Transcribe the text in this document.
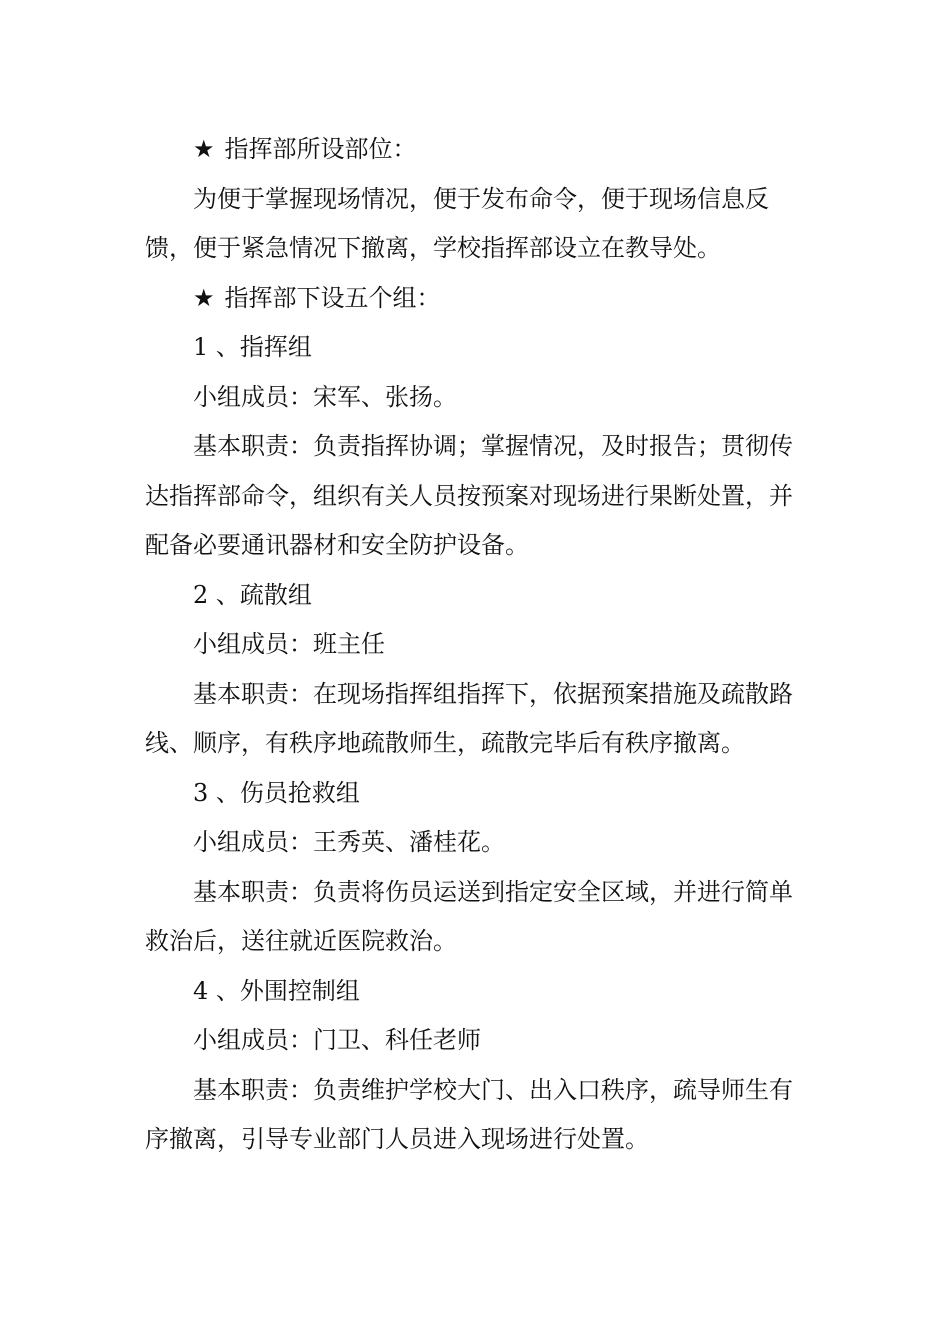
★ 指挥部所设部位：

为便于掌握现场情况，便于发布命令，便于现场信息反馈，便于紧急情况下撤离，学校指挥部设立在教导处。

★ 指挥部下设五个组：

1 、指挥组

小组成员：宋军、张扬。

基本职责：负责指挥协调；掌握情况，及时报告；贯彻传达指挥部命令，组织有关人员按预案对现场进行果断处置，并配备必要通讯器材和安全防护设备。

2 、疏散组

小组成员：班主任

基本职责：在现场指挥组指挥下，依据预案措施及疏散路线、顺序，有秩序地疏散师生，疏散完毕后有秩序撤离。

3 、伤员抢救组

小组成员：王秀英、潘桂花。

基本职责：负责将伤员运送到指定安全区域，并进行简单救治后，送往就近医院救治。

4 、外围控制组

小组成员：门卫、科任老师

基本职责：负责维护学校大门、出入口秩序，疏导师生有序撤离，引导专业部门人员进入现场进行处置。
